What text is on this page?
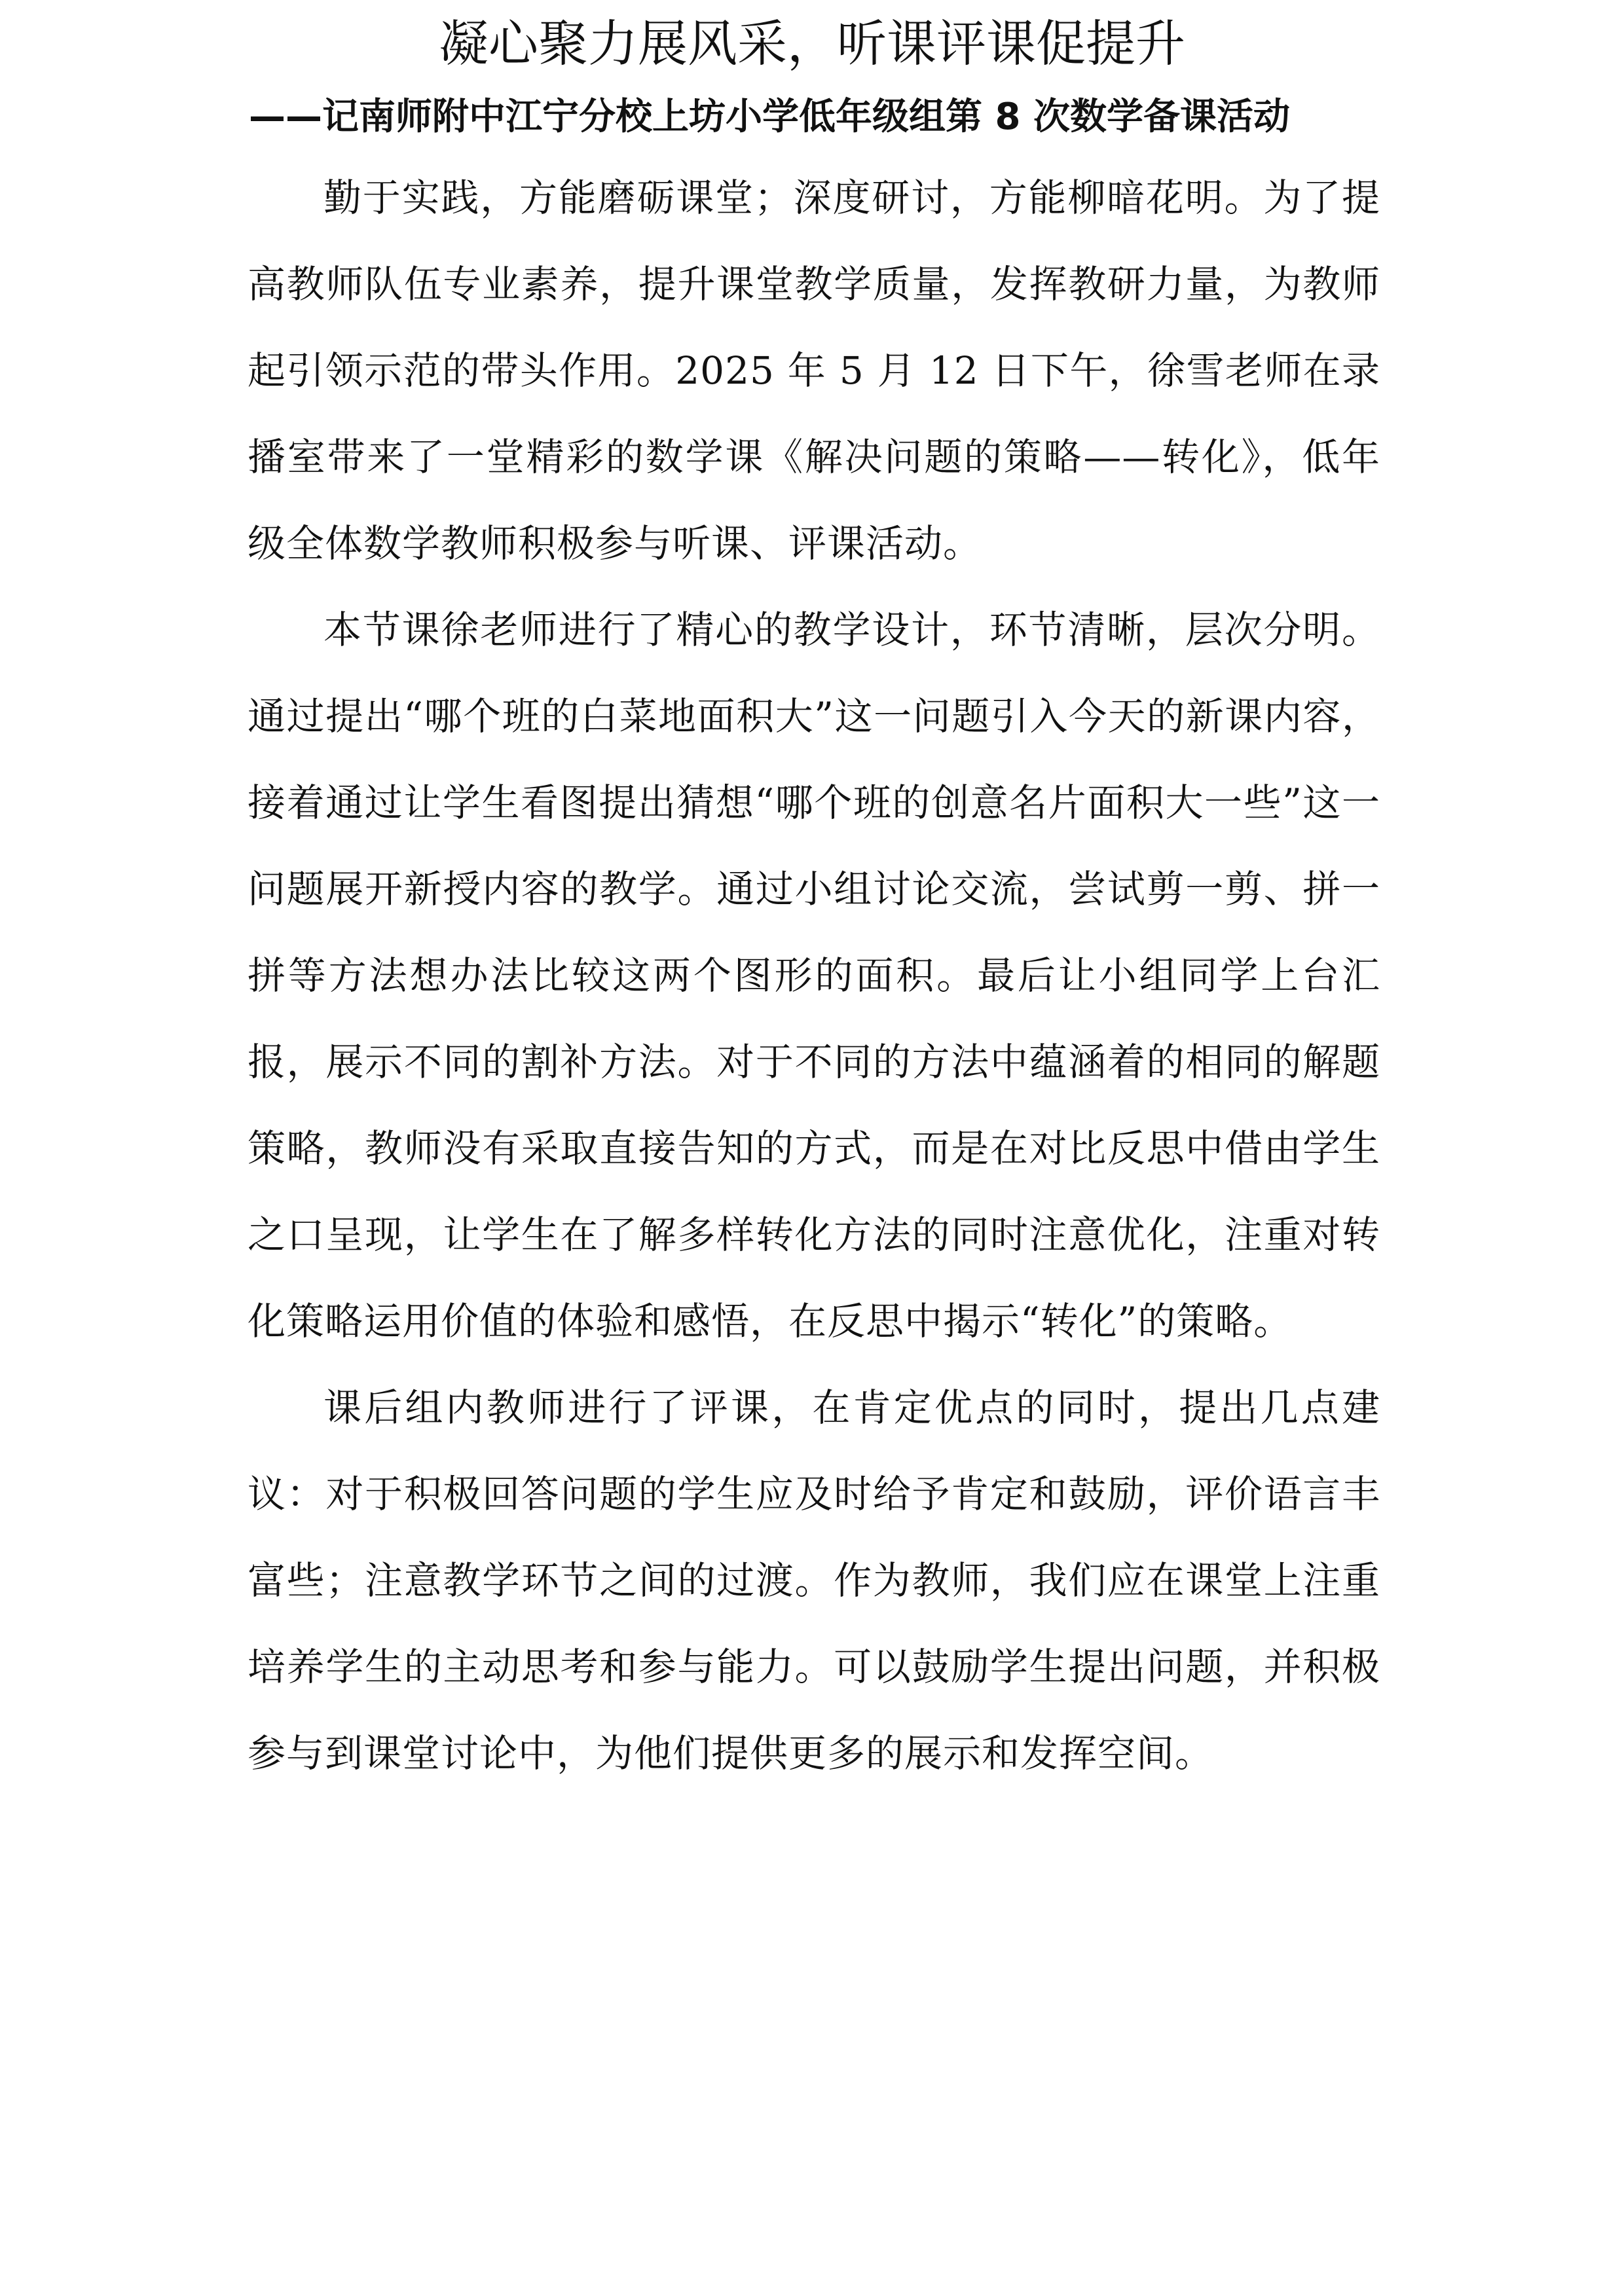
凝心聚力展风采，听课评课促提升
——记南师附中江宁分校上坊小学低年级组第 8 次数学备课活动

勤于实践，方能磨砺课堂；深度研讨，方能柳暗花明。为了提高教师队伍专业素养，提升课堂教学质量，发挥教研力量，为教师起引领示范的带头作用。2025 年 5 月 12 日下午，徐雪老师在录播室带来了一堂精彩的数学课《解决问题的策略——转化》，低年级全体数学教师积极参与听课、评课活动。

本节课徐老师进行了精心的教学设计，环节清晰，层次分明。通过提出“哪个班的白菜地面积大”这一问题引入今天的新课内容，接着通过让学生看图提出猜想“哪个班的创意名片面积大一些”这一问题展开新授内容的教学。通过小组讨论交流，尝试剪一剪、拼一拼等方法想办法比较这两个图形的面积。最后让小组同学上台汇报，展示不同的割补方法。对于不同的方法中蕴涵着的相同的解题策略，教师没有采取直接告知的方式，而是在对比反思中借由学生之口呈现，让学生在了解多样转化方法的同时注意优化，注重对转化策略运用价值的体验和感悟，在反思中揭示“转化”的策略。

课后组内教师进行了评课，在肯定优点的同时，提出几点建议：对于积极回答问题的学生应及时给予肯定和鼓励，评价语言丰富些；注意教学环节之间的过渡。作为教师，我们应在课堂上注重培养学生的主动思考和参与能力。可以鼓励学生提出问题，并积极参与到课堂讨论中，为他们提供更多的展示和发挥空间。
